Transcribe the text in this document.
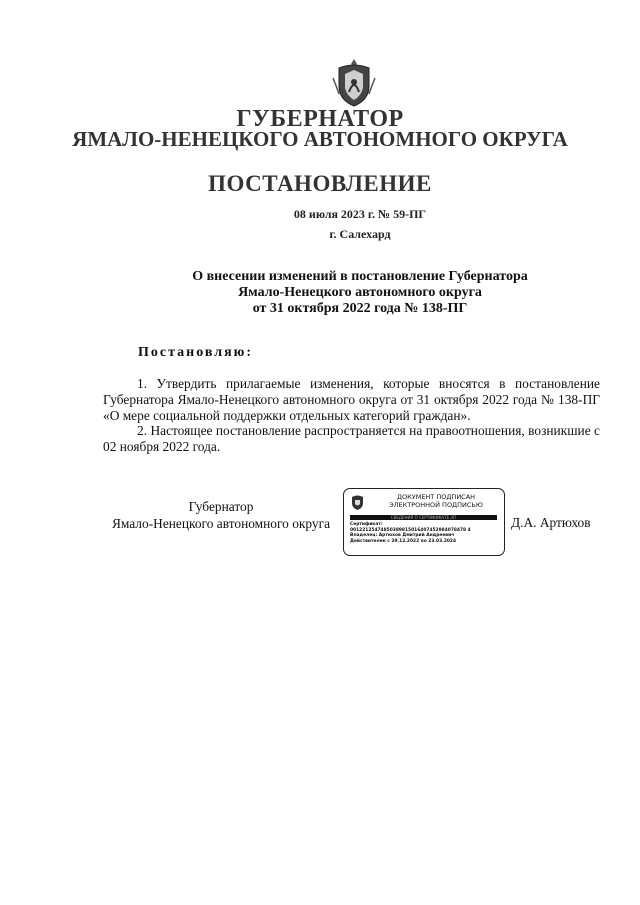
ГУБЕРНАТОР
ЯМАЛО-НЕНЕЦКОГО АВТОНОМНОГО ОКРУГА
ПОСТАНОВЛЕНИЕ
08 июля 2023 г. № 59-ПГ
г. Салехард
О внесении изменений в постановление Губернатора
Ямало-Ненецкого автономного округа
от 31 октября 2022 года № 138-ПГ
Постановляю:
1. Утвердить прилагаемые изменения, которые вносятся в постановление Губернатора Ямало-Ненецкого автономного округа от 31 октября 2022 года № 138-ПГ «О мере социальной поддержки отдельных категорий граждан».
2. Настоящее постановление распространяется на правоотношения, возникшие с 02 ноября 2022 года.
Губернатор
Ямало-Ненецкого автономного округа
ДОКУМЕНТ ПОДПИСАН
ЭЛЕКТРОННОЙ ПОДПИСЬЮ
СВЕДЕНИЯ О СЕРТИФИКАТЕ ЭП
Сертификат:
00122125474850389815016407452984078478 4
Владелец: Артюхов Дмитрий Андреевич
Действителен с 29.12.2022 по 23.03.2024
Д.А. Артюхов
